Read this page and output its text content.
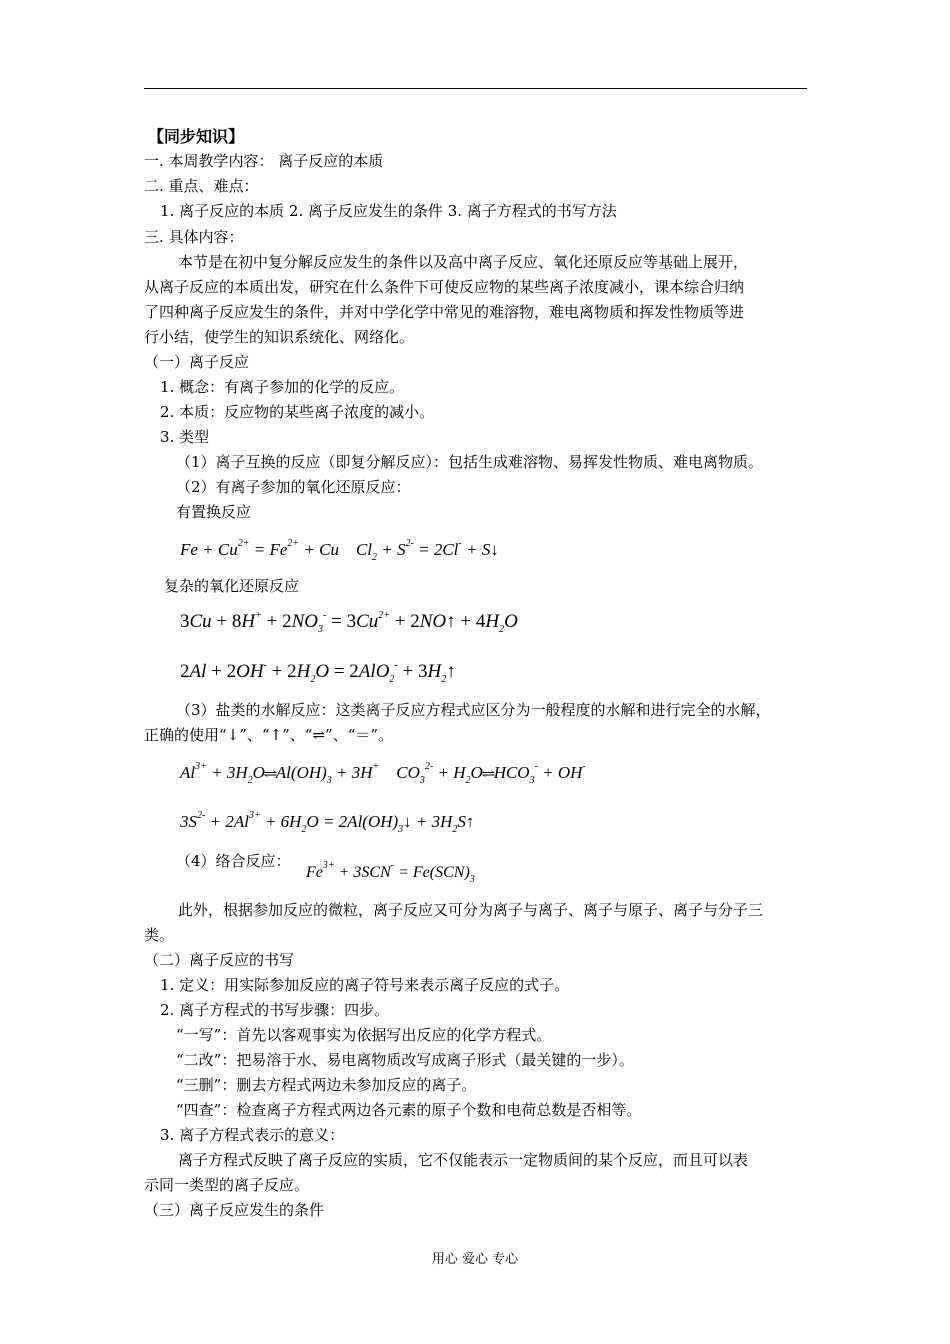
【同步知识】
一. 本周教学内容： 离子反应的本质
二. 重点、难点：
1. 离子反应的本质 2. 离子反应发生的条件 3. 离子方程式的书写方法
三. 具体内容：
本节是在初中复分解反应发生的条件以及高中离子反应、氧化还原反应等基础上展开，
从离子反应的本质出发，研究在什么条件下可使反应物的某些离子浓度减小，课本综合归纳
了四种离子反应发生的条件，并对中学化学中常见的难溶物，难电离物质和挥发性物质等进
行小结，使学生的知识系统化、网络化。
（一）离子反应
1. 概念：有离子参加的化学的反应。
2. 本质：反应物的某些离子浓度的减小。
3. 类型
（1）离子互换的反应（即复分解反应）：包括生成难溶物、易挥发性物质、难电离物质。
（2）有离子参加的氧化还原反应：
有置换反应
$Fe + Cu^{2+} = Fe^{2+} + Cu$    $Cl_2 + S^{2-} = 2Cl^-$ + S↓
复杂的氧化还原反应
$3Cu + 8H^+ + 2NO_3^- = 3Cu^{2+}$ + 2NO↑ + $4H_2O$
$2Al + 2OH^- + 2H_2O = 2AlO_2^-$ + $3H_2↑$
（3）盐类的水解反应：这类离子反应方程式应区分为一般程度的水解和进行完全的水解，
正确的使用“↓”、“↑”、“⇌”、“＝”。
$Al^{3+}$ + $3H_2O\rightleftharpoons Al(OH)_3 + 3H^+$    $CO_3^{2-}$ + $H_2O\rightleftharpoons HCO_3^- + OH^-$
$3S^{2-} + 2Al^{3+} + 6H_2O$ = $2Al(OH)_3↓$ + $3H_2S↑$
（4）络合反应：
$Fe^{3+} + 3SCN^- = Fe(SCN)_3$
此外，根据参加反应的微粒，离子反应又可分为离子与离子、离子与原子、离子与分子三
类。
（二）离子反应的书写
1. 定义：用实际参加反应的离子符号来表示离子反应的式子。
2. 离子方程式的书写步骤：四步。
“一写”：首先以客观事实为依据写出反应的化学方程式。
“二改”：把易溶于水、易电离物质改写成离子形式（最关键的一步）。
“三删”：删去方程式两边未参加反应的离子。
“四查”：检查离子方程式两边各元素的原子个数和电荷总数是否相等。
3. 离子方程式表示的意义：
离子方程式反映了离子反应的实质，它不仅能表示一定物质间的某个反应，而且可以表
示同一类型的离子反应。
（三）离子反应发生的条件
用心 爱心 专心
